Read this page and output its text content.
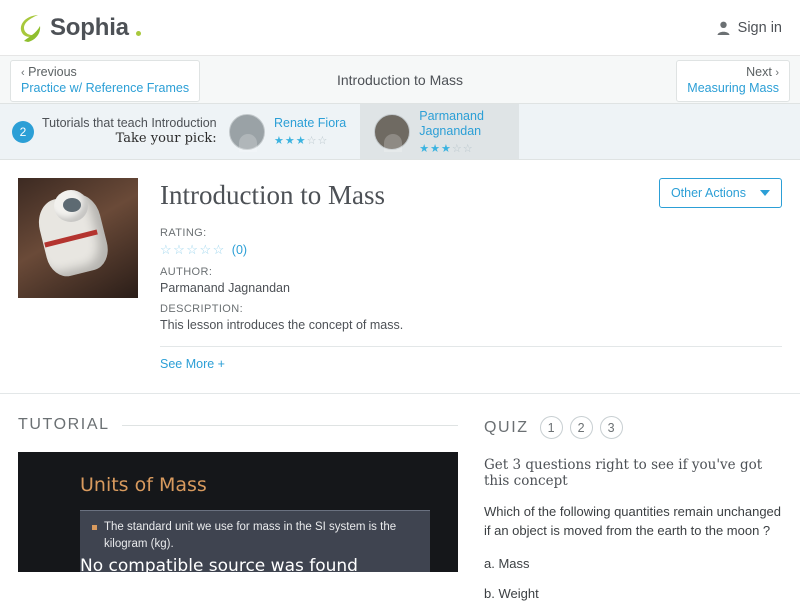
Sophia	Sign in
‹ Previous
Practice w/ Reference Frames
Introduction to Mass	Next ›
Measuring Mass
2
Tutorials that teach Introduction
Take your pick:
Renate Fiora
★★★☆☆
Parmanand Jagnandan
★★★☆☆
Introduction to Mass
RATING:
☆☆☆☆☆ (0)
AUTHOR:
Parmanand Jagnandan
DESCRIPTION:
This lesson introduces the concept of mass.
See More +
Other Actions
TUTORIAL
Units of Mass
The standard unit we use for mass in the SI system is the kilogram (kg).
No compatible source was found
QUIZ	1	2	3
Get 3 questions right to see if you've got this concept
Which of the following quantities remain unchanged if an object is moved from the earth to the moon ?
a. Mass
b. Weight
